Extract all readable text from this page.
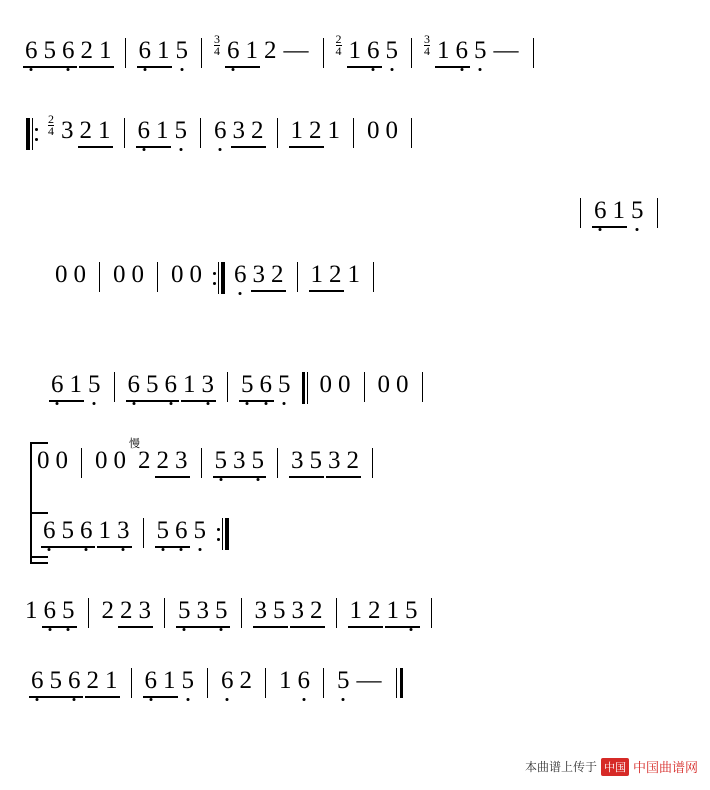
6 5 6 2 1 6 1 $5 \frac{3}{4} 6$ 1 2 —	$\frac{2}{4} 1$ 6 $5 \frac{3}{4} 1$ 6 5 —
$\frac{2}{4} 3$ 2 1 6 1 5 6 3 2 1 2 1 0 0
6 1 5
0 0 0 0 0 0 6 3 2 1 2 1
6 1 5 6 5 6 1 3 5 6 5 0 0 0 0
0 0 0 0
慢
2 2 3 5 3 5 3 5 3 2
6 5 6 1 3 5 6 5
1 6 5 2 2 3 5 3 5 3 5 3 2 1 2 1 5
6 5 6 2 1 6 1 5 6 2 1 6 5 —
本曲谱上传于 中国 中国曲谱网
